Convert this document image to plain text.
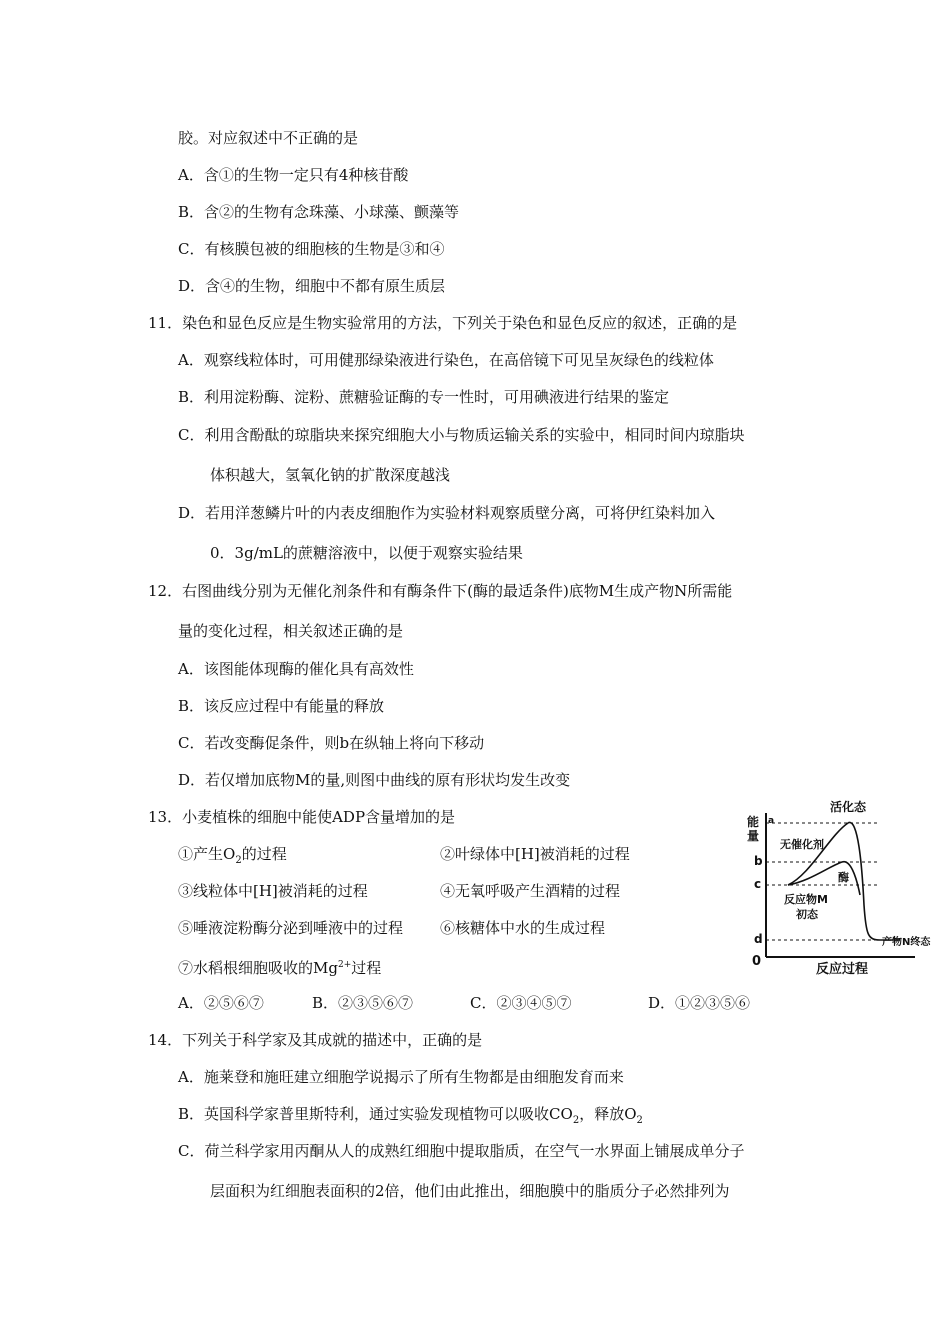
胶。对应叙述中不正确的是
A．含①的生物一定只有4种核苷酸
B．含②的生物有念珠藻、小球藻、颤藻等
C．有核膜包被的细胞核的生物是③和④
D．含④的生物，细胞中不都有原生质层
11．染色和显色反应是生物实验常用的方法，下列关于染色和显色反应的叙述，正确的是
A．观察线粒体时，可用健那绿染液进行染色，在高倍镜下可见呈灰绿色的线粒体
B．利用淀粉酶、淀粉、蔗糖验证酶的专一性时，可用碘液进行结果的鉴定
C．利用含酚酞的琼脂块来探究细胞大小与物质运输关系的实验中，相同时间内琼脂块
体积越大，氢氧化钠的扩散深度越浅
D．若用洋葱鳞片叶的内表皮细胞作为实验材料观察质壁分离，可将伊红染料加入
0．3g/mL的蔗糖溶液中，以便于观察实验结果
12．右图曲线分别为无催化剂条件和有酶条件下(酶的最适条件)底物M生成产物N所需能
量的变化过程，相关叙述正确的是
A．该图能体现酶的催化具有高效性
B．该反应过程中有能量的释放
C．若改变酶促条件，则b在纵轴上将向下移动
D．若仅增加底物M的量,则图中曲线的原有形状均发生改变
13．小麦植株的细胞中能使ADP含量增加的是
①产生$O_2$的过程	②叶绿体中[H]被消耗的过程
③线粒体中[H]被消耗的过程	④无氧呼吸产生酒精的过程
⑤唾液淀粉酶分泌到唾液中的过程 ⑥核糖体中水的生成过程
⑦水稻根细胞吸收的$Mg^{2+}$过程
A．②⑤⑥⑦	B．②③⑤⑥⑦	C．②③④⑤⑦	D．①②③⑤⑥
14．下列关于科学家及其成就的描述中，正确的是
A．施莱登和施旺建立细胞学说揭示了所有生物都是由细胞发育而来
B．英国科学家普里斯特利，通过实验发现植物可以吸收$CO_2$，释放$O_2$
C．荷兰科学家用丙酮从人的成熟红细胞中提取脂质，在空气一水界面上铺展成单分子
层面积为红细胞表面积的2倍，他们由此推出，细胞膜中的脂质分子必然排列为
能量
a
b
c
d
0
活化态
无催化剂
酶
反应物M
初态
产物N终态
反应过程
